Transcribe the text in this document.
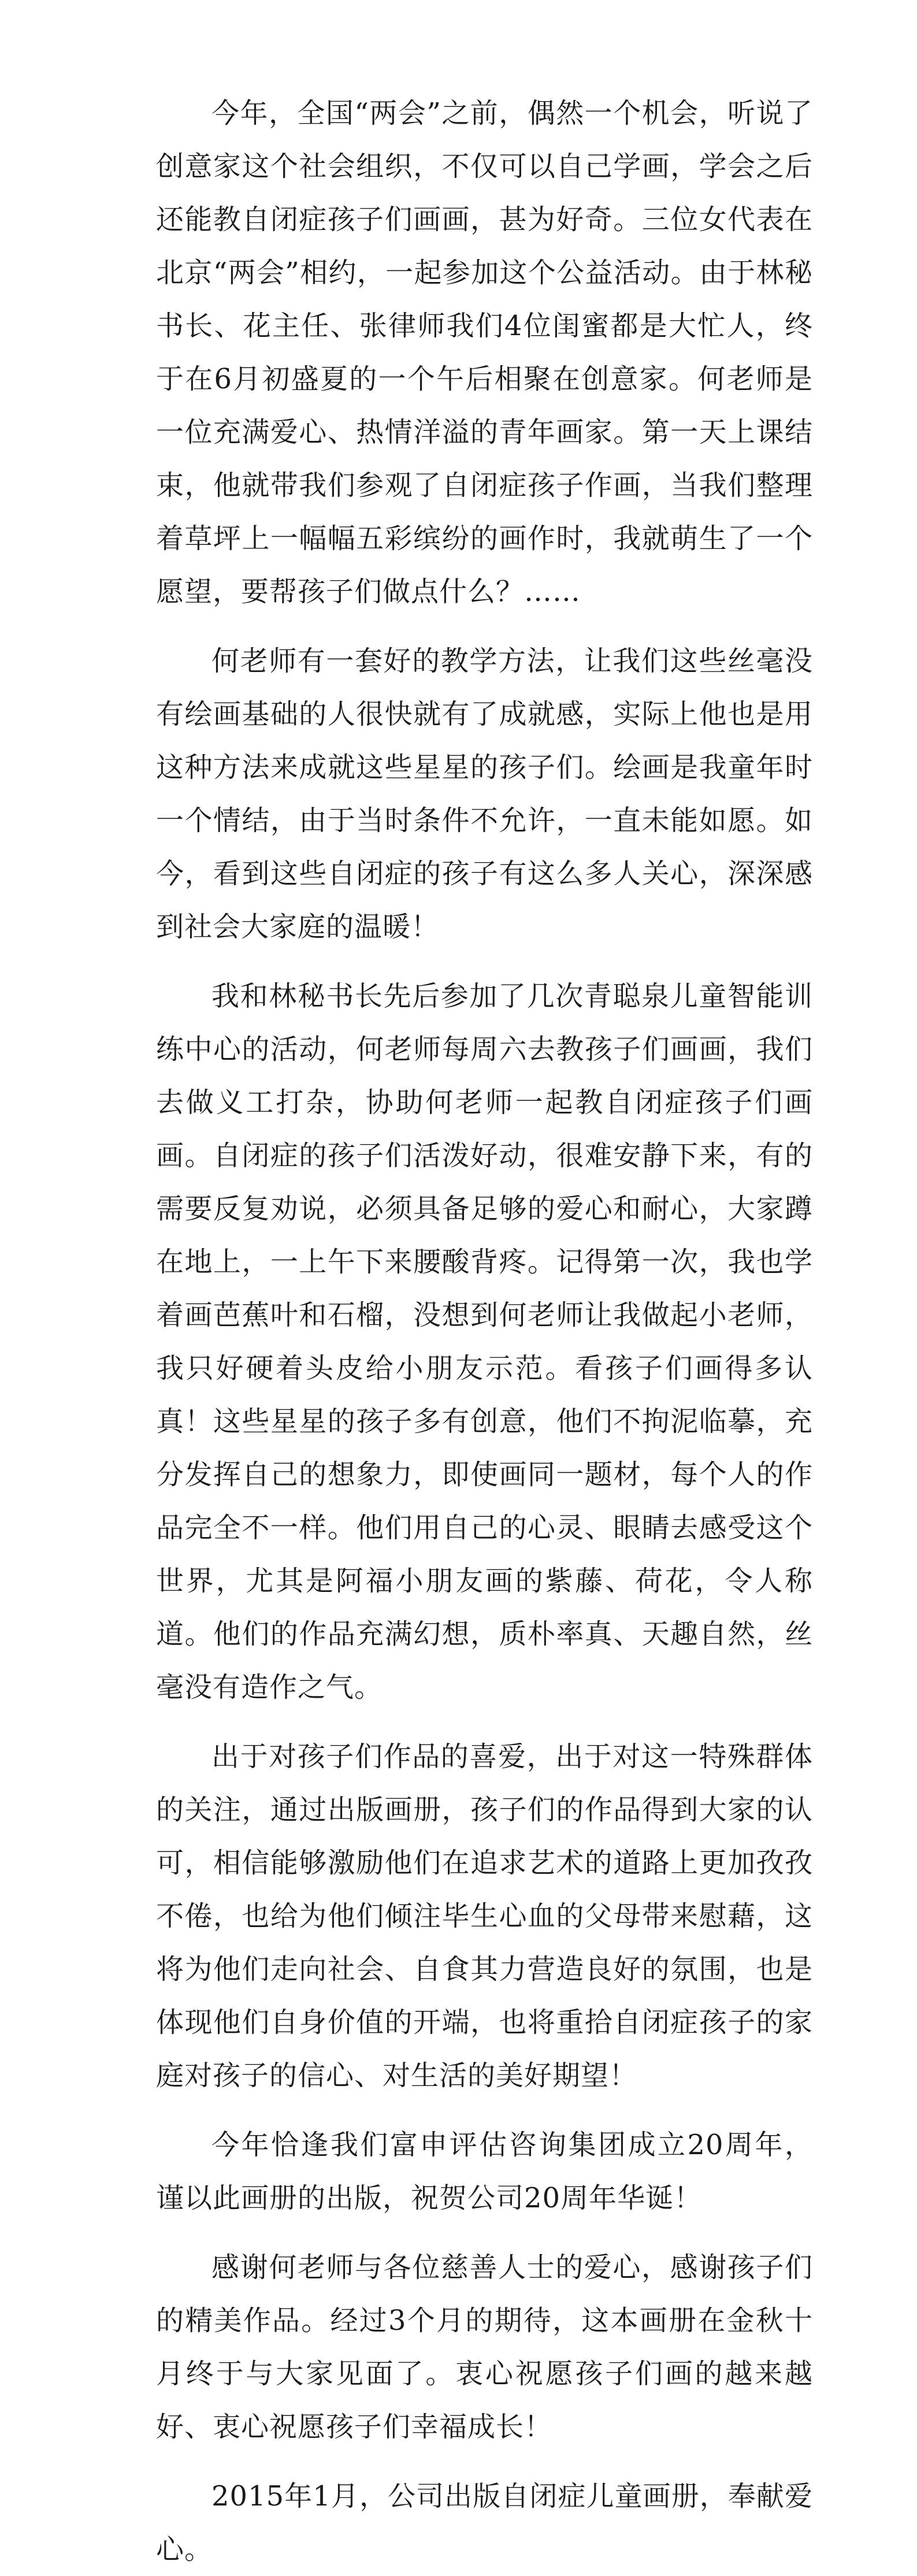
今年，全国“两会”之前，偶然一个机会，听说了创意家这个社会组织，不仅可以自己学画，学会之后还能教自闭症孩子们画画，甚为好奇。三位女代表在北京“两会”相约，一起参加这个公益活动。由于林秘书长、花主任、张律师我们4位闺蜜都是大忙人，终于在6月初盛夏的一个午后相聚在创意家。何老师是一位充满爱心、热情洋溢的青年画家。第一天上课结束，他就带我们参观了自闭症孩子作画，当我们整理着草坪上一幅幅五彩缤纷的画作时，我就萌生了一个愿望，要帮孩子们做点什么？……

何老师有一套好的教学方法，让我们这些丝毫没有绘画基础的人很快就有了成就感，实际上他也是用这种方法来成就这些星星的孩子们。绘画是我童年时一个情结，由于当时条件不允许，一直未能如愿。如今，看到这些自闭症的孩子有这么多人关心，深深感到社会大家庭的温暖！

我和林秘书长先后参加了几次青聪泉儿童智能训练中心的活动，何老师每周六去教孩子们画画，我们去做义工打杂，协助何老师一起教自闭症孩子们画画。自闭症的孩子们活泼好动，很难安静下来，有的需要反复劝说，必须具备足够的爱心和耐心，大家蹲在地上，一上午下来腰酸背疼。记得第一次，我也学着画芭蕉叶和石榴，没想到何老师让我做起小老师，我只好硬着头皮给小朋友示范。看孩子们画得多认真！这些星星的孩子多有创意，他们不拘泥临摹，充分发挥自己的想象力，即使画同一题材，每个人的作品完全不一样。他们用自己的心灵、眼睛去感受这个世界，尤其是阿福小朋友画的紫藤、荷花，令人称道。他们的作品充满幻想，质朴率真、天趣自然，丝毫没有造作之气。

出于对孩子们作品的喜爱，出于对这一特殊群体的关注，通过出版画册，孩子们的作品得到大家的认可，相信能够激励他们在追求艺术的道路上更加孜孜不倦，也给为他们倾注毕生心血的父母带来慰藉，这将为他们走向社会、自食其力营造良好的氛围，也是体现他们自身价值的开端，也将重拾自闭症孩子的家庭对孩子的信心、对生活的美好期望！

今年恰逢我们富申评估咨询集团成立20周年，谨以此画册的出版，祝贺公司20周年华诞！

感谢何老师与各位慈善人士的爱心，感谢孩子们的精美作品。经过3个月的期待，这本画册在金秋十月终于与大家见面了。衷心祝愿孩子们画的越来越好、衷心祝愿孩子们幸福成长！

2015年1月，公司出版自闭症儿童画册，奉献爱心。
